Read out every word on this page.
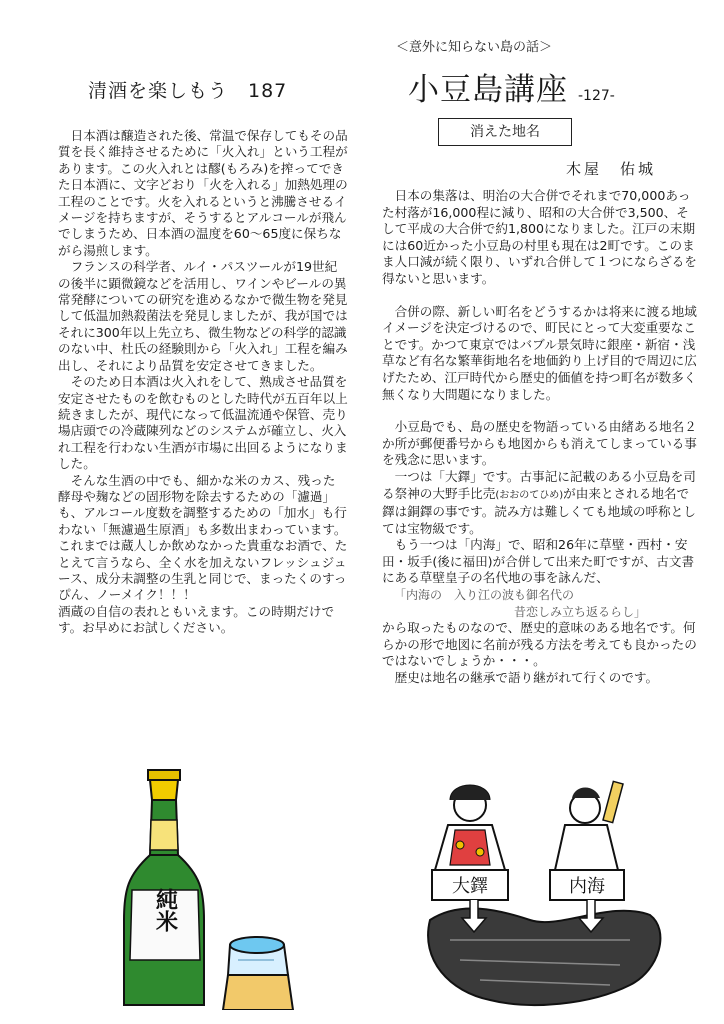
清酒を楽しもう　187

日本酒は醸造された後、常温で保存してもその品質を長く維持させるために「火入れ」という工程があります。この火入れとは醪(もろみ)を搾ってできた日本酒に、文字どおり「火を入れる」加熱処理の工程のことです。火を入れるというと沸騰させるイメージを持ちますが、そうするとアルコールが飛んでしまうため、日本酒の温度を60〜65度に保ちながら湯煎します。

フランスの科学者、ルイ・パスツールが19世紀の後半に顕微鏡などを活用し、ワインやビールの異常発酵についての研究を進めるなかで微生物を発見して低温加熱殺菌法を発見しましたが、我が国ではそれに300年以上先立ち、微生物などの科学的認識のない中、杜氏の経験則から「火入れ」工程を編み出し、それにより品質を安定させてきました。

そのため日本酒は火入れをして、熟成させ品質を安定させたものを飲むものとした時代が五百年以上続きましたが、現代になって低温流通や保管、売り場店頭での冷蔵陳列などのシステムが確立し、火入れ工程を行わない生酒が市場に出回るようになりました。

そんな生酒の中でも、細かな米のカス、残った酵母や麹などの固形物を除去するための「濾過」も、アルコール度数を調整するための「加水」も行わない「無濾過生原酒」も多数出まわっています。これまでは蔵人しか飲めなかった貴重なお酒で、たとえて言うなら、全く水を加えないフレッシュジュース、成分未調整の生乳と同じで、まったくのすっぴん、ノーメイク！！！

酒蔵の自信の表れともいえます。この時期だけです。お早めにお試しください。

純米
＜意外に知らない島の話＞
小豆島講座 -127-
消えた地名
木屋　佑城

日本の集落は、明治の大合併でそれまで70,000あった村落が16,000程に減り、昭和の大合併で3,500、そして平成の大合併で約1,800になりました。江戸の末期には60近かった小豆島の村里も現在は2町です。このまま人口減が続く限り、いずれ合併して１つにならざるを得ないと思います。

合併の際、新しい町名をどうするかは将来に渡る地域イメージを決定づけるので、町民にとって大変重要なことです。かつて東京ではバブル景気時に銀座・新宿・浅草など有名な繁華街地名を地価釣り上げ目的で周辺に広げたため、江戸時代から歴史的価値を持つ町名が数多く無くなり大問題になりました。

小豆島でも、島の歴史を物語っている由緒ある地名２か所が郵便番号からも地図からも消えてしまっている事を残念に思います。

一つは「大鐸」です。古事記に記載のある小豆島を司る祭神の大野手比売(おおのてひめ)が由来とされる地名で鐸は銅鐸の事です。読み方は難しくても地域の呼称としては宝物級です。

もう一つは「内海」で、昭和26年に草壁・西村・安田・坂手(後に福田)が合併して出来た町ですが、古文書にある草壁皇子の名代地の事を詠んだ、

「内海の　入り江の波も御名代の

昔恋しみ立ち返るらし」

から取ったものなので、歴史的意味のある地名です。何らかの形で地図に名前が残る方法を考えても良かったのではないでしょうか・・・。

歴史は地名の継承で語り継がれて行くのです。

大鐸	内海
